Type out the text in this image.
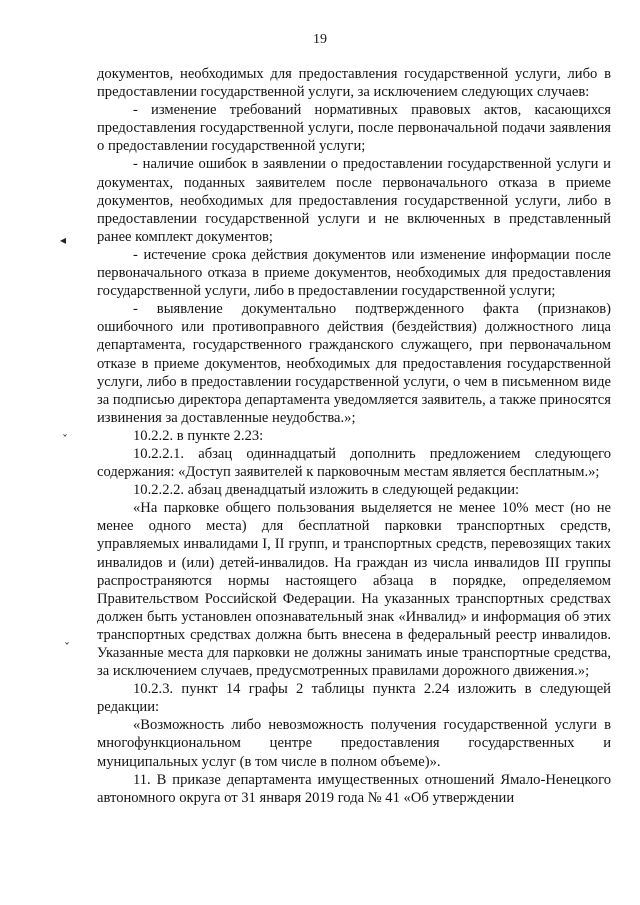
19
◂
ˇ
ˇ

документов, необходимых для предоставления государственной услуги, либо в предоставлении государственной услуги, за исключением следующих случаев:

- изменение требований нормативных правовых актов, касающихся предоставления государственной услуги, после первоначальной подачи заявления о предоставлении государственной услуги;

- наличие ошибок в заявлении о предоставлении государственной услуги и документах, поданных заявителем после первоначального отказа в приеме документов, необходимых для предоставления государственной услуги, либо в предоставлении государственной услуги и не включенных в представленный ранее комплект документов;

- истечение срока действия документов или изменение информации после первоначального отказа в приеме документов, необходимых для предоставления государственной услуги, либо в предоставлении государственной услуги;

- выявление документально подтвержденного факта (признаков) ошибочного или противоправного действия (бездействия) должностного лица департамента, государственного гражданского служащего, при первоначальном отказе в приеме документов, необходимых для предоставления государственной услуги, либо в предоставлении государственной услуги, о чем в письменном виде за подписью директора департамента уведомляется заявитель, а также приносятся извинения за доставленные неудобства.»;

10.2.2. в пункте 2.23:

10.2.2.1. абзац одиннадцатый дополнить предложением следующего содержания: «Доступ заявителей к парковочным местам является бесплатным.»;

10.2.2.2. абзац двенадцатый изложить в следующей редакции:

«На парковке общего пользования выделяется не менее 10% мест (но не менее одного места) для бесплатной парковки транспортных средств, управляемых инвалидами I, II групп, и транспортных средств, перевозящих таких инвалидов и (или) детей-инвалидов. На граждан из числа инвалидов III группы распространяются нормы настоящего абзаца в порядке, определяемом Правительством Российской Федерации. На указанных транспортных средствах должен быть установлен опознавательный знак «Инвалид» и информация об этих транспортных средствах должна быть внесена в федеральный реестр инвалидов. Указанные места для парковки не должны занимать иные транспортные средства, за исключением случаев, предусмотренных правилами дорожного движения.»;

10.2.3. пункт 14 графы 2 таблицы пункта 2.24 изложить в следующей редакции:

«Возможность либо невозможность получения государственной услуги в многофункциональном центре предоставления государственных и муниципальных услуг (в том числе в полном объеме)».

11. В приказе департамента имущественных отношений Ямало-Ненецкого автономного округа от 31 января 2019 года № 41 «Об утверждении
